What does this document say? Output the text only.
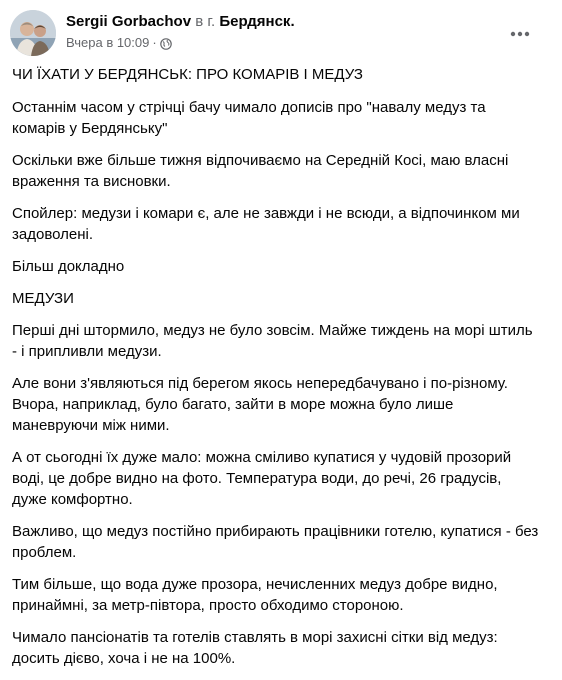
Sergii Gorbachov в г. Бердянск.
Вчера в 10:09 ·

ЧИ ЇХАТИ У БЕРДЯНСЬК: ПРО КОМАРІВ І МЕДУЗ

Останнім часом у стрічці бачу чимало дописів про "навалу медуз та комарів у Бердянську"

Оскільки вже більше тижня відпочиваємо на Середній Косі, маю власні враження та висновки.

Спойлер: медузи і комари є, але не завжди і не всюди, а відпочинком ми задоволені.

Більш докладно

МЕДУЗИ

Перші дні штормило, медуз не було зовсім. Майже тиждень на морі штиль - і припливли медузи.

Але вони з'являються під берегом якось непередбачувано і по-різному. Вчора, наприклад, було багато, зайти в море можна було лише маневруючи між ними.

А от сьогодні їх дуже мало: можна сміливо купатися у чудовій прозорий воді, це добре видно на фото. Температура води, до речі, 26 градусів, дуже комфортно.

Важливо, що медуз постійно прибирають працівники готелю, купатися - без проблем.

Тим більше, що вода дуже прозора, нечисленних медуз добре видно, принаймні, за метр-півтора, просто обходимо стороною.

Чимало пансіонатів та готелів ставлять в морі захисні сітки від медуз: досить дієво, хоча і не на 100%.
